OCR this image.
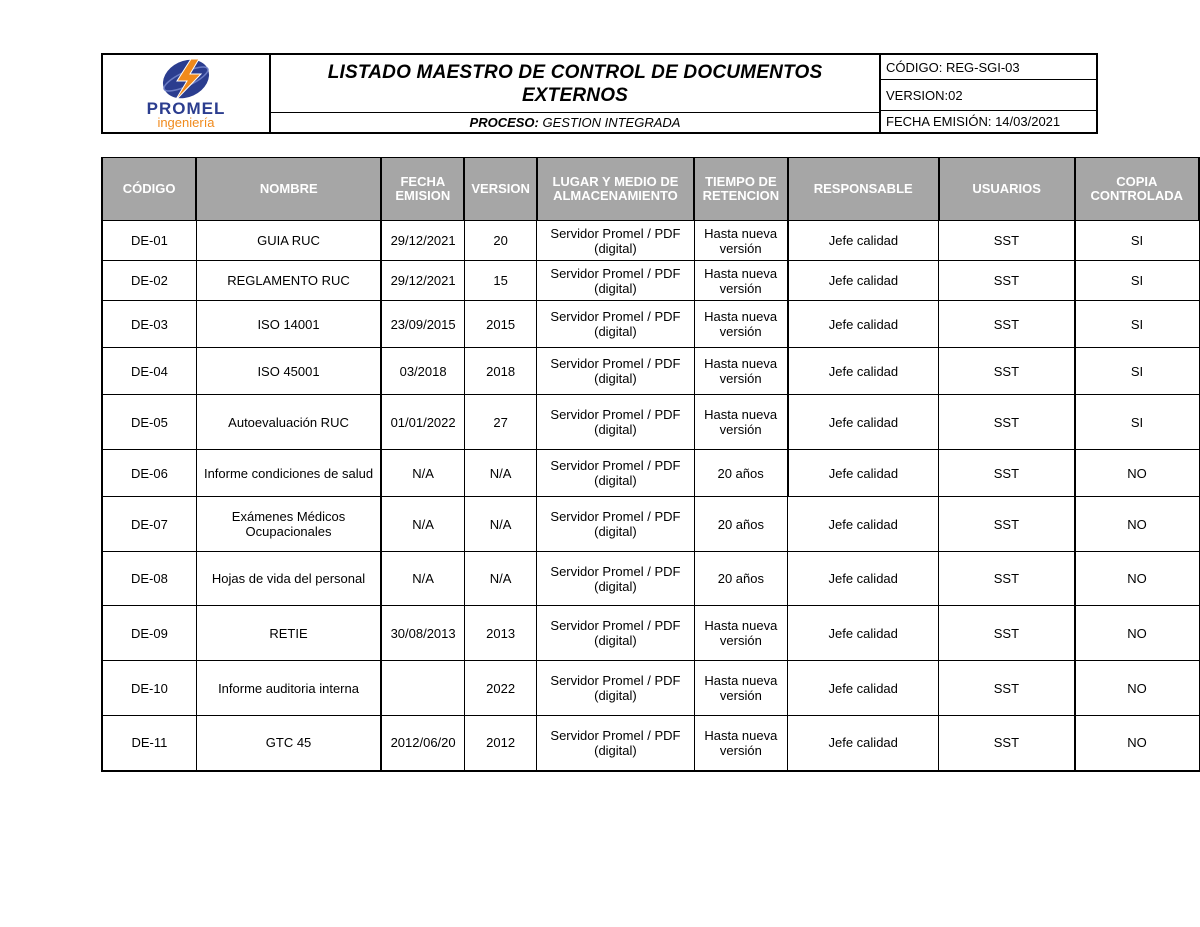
PROMEL
ingeniería
LISTADO MAESTRO DE CONTROL DE DOCUMENTOS EXTERNOS
PROCESO: GESTION INTEGRADA
CÓDIGO: REG-SGI-03
VERSION:02
FECHA EMISIÓN: 14/03/2021
CÓDIGO	NOMBRE	FECHA EMISION	VERSION	LUGAR Y MEDIO DE ALMACENAMIENTO	TIEMPO DE RETENCION	RESPONSABLE	USUARIOS	COPIA CONTROLADA
DE-01	GUIA RUC	29/12/2021	20	Servidor Promel / PDF (digital)	Hasta nueva versión	Jefe calidad	SST	SI
DE-02	REGLAMENTO RUC	29/12/2021	15	Servidor Promel / PDF (digital)	Hasta nueva versión	Jefe calidad	SST	SI
DE-03	ISO 14001	23/09/2015	2015	Servidor Promel / PDF (digital)	Hasta nueva versión	Jefe calidad	SST	SI
DE-04	ISO 45001	03/2018	2018	Servidor Promel / PDF (digital)	Hasta nueva versión	Jefe calidad	SST	SI
DE-05	Autoevaluación RUC	01/01/2022	27	Servidor Promel / PDF (digital)	Hasta nueva versión	Jefe calidad	SST	SI
DE-06	Informe condiciones de salud	N/A	N/A	Servidor Promel / PDF (digital)	20 años	Jefe calidad	SST	NO
DE-07	Exámenes Médicos Ocupacionales	N/A	N/A	Servidor Promel / PDF (digital)	20 años	Jefe calidad	SST	NO
DE-08	Hojas de vida del personal	N/A	N/A	Servidor Promel / PDF (digital)	20 años	Jefe calidad	SST	NO
DE-09	RETIE	30/08/2013	2013	Servidor Promel / PDF (digital)	Hasta nueva versión	Jefe calidad	SST	NO
DE-10	Informe auditoria interna		2022	Servidor Promel / PDF (digital)	Hasta nueva versión	Jefe calidad	SST	NO
DE-11	GTC 45	2012/06/20	2012	Servidor Promel / PDF (digital)	Hasta nueva versión	Jefe calidad	SST	NO
